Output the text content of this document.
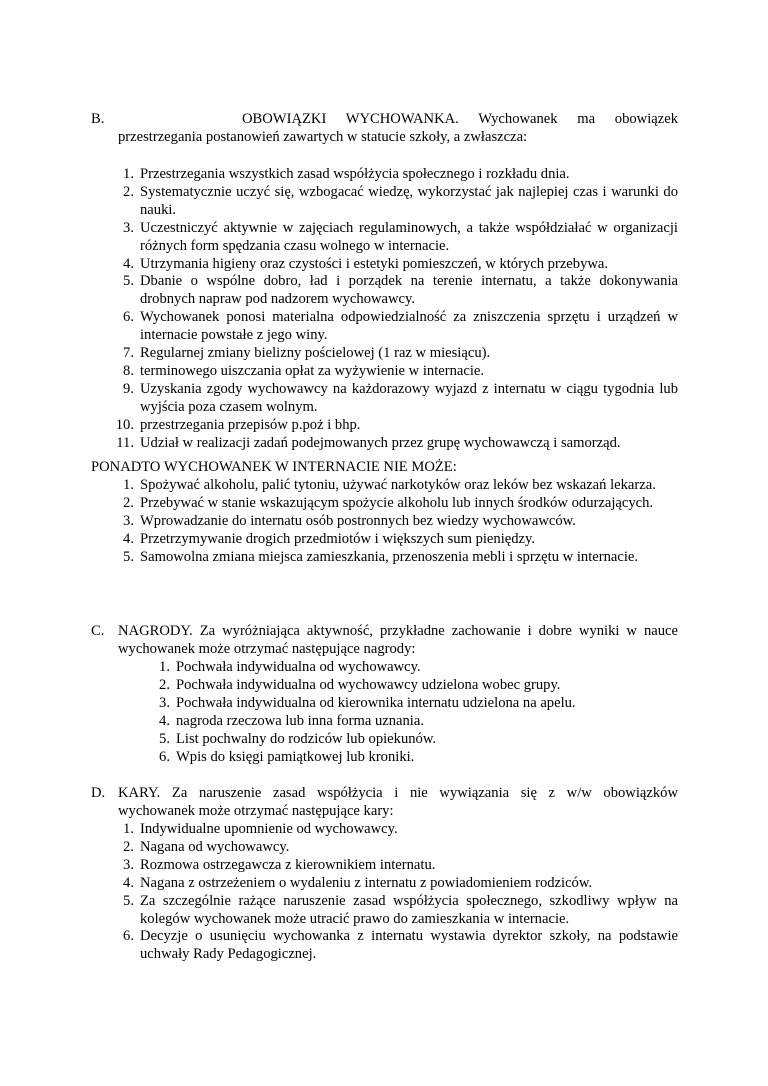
B.	OBOWIĄZKI WYCHOWANKA. Wychowanek ma obowiązek
przestrzegania postanowień zawartych w statucie szkoły, a zwłaszcza:
1. Przestrzegania wszystkich zasad współżycia społecznego i rozkładu dnia.
2. Systematycznie uczyć się, wzbogacać wiedzę, wykorzystać jak najlepiej czas i warunki do nauki.
3. Uczestniczyć aktywnie w zajęciach regulaminowych, a także współdziałać w organizacji różnych form spędzania czasu wolnego w internacie.
4. Utrzymania higieny oraz czystości i estetyki pomieszczeń, w których przebywa.
5. Dbanie o wspólne dobro, ład i porządek na terenie internatu, a także dokonywania drobnych napraw pod nadzorem wychowawcy.
6. Wychowanek ponosi materialna odpowiedzialność za zniszczenia sprzętu i urządzeń w internacie powstałe z jego winy.
7. Regularnej zmiany bielizny pościelowej (1 raz w miesiącu).
8. terminowego uiszczania opłat za wyżywienie w internacie.
9. Uzyskania zgody wychowawcy na każdorazowy wyjazd z internatu w ciągu tygodnia lub wyjścia poza czasem wolnym.
10. przestrzegania przepisów p.poż i bhp.
11. Udział w realizacji zadań podejmowanych przez grupę wychowawczą i samorząd.
PONADTO WYCHOWANEK W INTERNACIE NIE MOŻE:
1. Spożywać alkoholu, palić tytoniu, używać narkotyków oraz leków bez wskazań lekarza.
2. Przebywać w stanie wskazującym spożycie alkoholu lub innych środków odurzających.
3. Wprowadzanie do internatu osób postronnych bez wiedzy wychowawców.
4. Przetrzymywanie drogich przedmiotów i większych sum pieniędzy.
5. Samowolna zmiana miejsca zamieszkania, przenoszenia mebli i sprzętu w internacie.
C. NAGRODY. Za wyróżniająca aktywność, przykładne zachowanie i dobre wyniki w nauce
wychowanek może otrzymać następujące nagrody:
1. Pochwała indywidualna od wychowawcy.
2. Pochwała indywidualna od wychowawcy udzielona wobec grupy.
3. Pochwała indywidualna od kierownika internatu udzielona na apelu.
4. nagroda rzeczowa lub inna forma uznania.
5. List pochwalny do rodziców lub opiekunów.
6. Wpis do księgi pamiątkowej lub kroniki.
D. KARY. Za naruszenie zasad współżycia i nie wywiązania się z w/w obowiązków
wychowanek może otrzymać następujące kary:
1. Indywidualne upomnienie od wychowawcy.
2. Nagana od wychowawcy.
3. Rozmowa ostrzegawcza z kierownikiem internatu.
4. Nagana z ostrzeżeniem o wydaleniu z internatu z powiadomieniem rodziców.
5. Za szczególnie rażące naruszenie zasad współżycia społecznego, szkodliwy wpływ na kolegów wychowanek może utracić prawo do zamieszkania w internacie.
6. Decyzje o usunięciu wychowanka z internatu wystawia dyrektor szkoły, na podstawie uchwały Rady Pedagogicznej.
